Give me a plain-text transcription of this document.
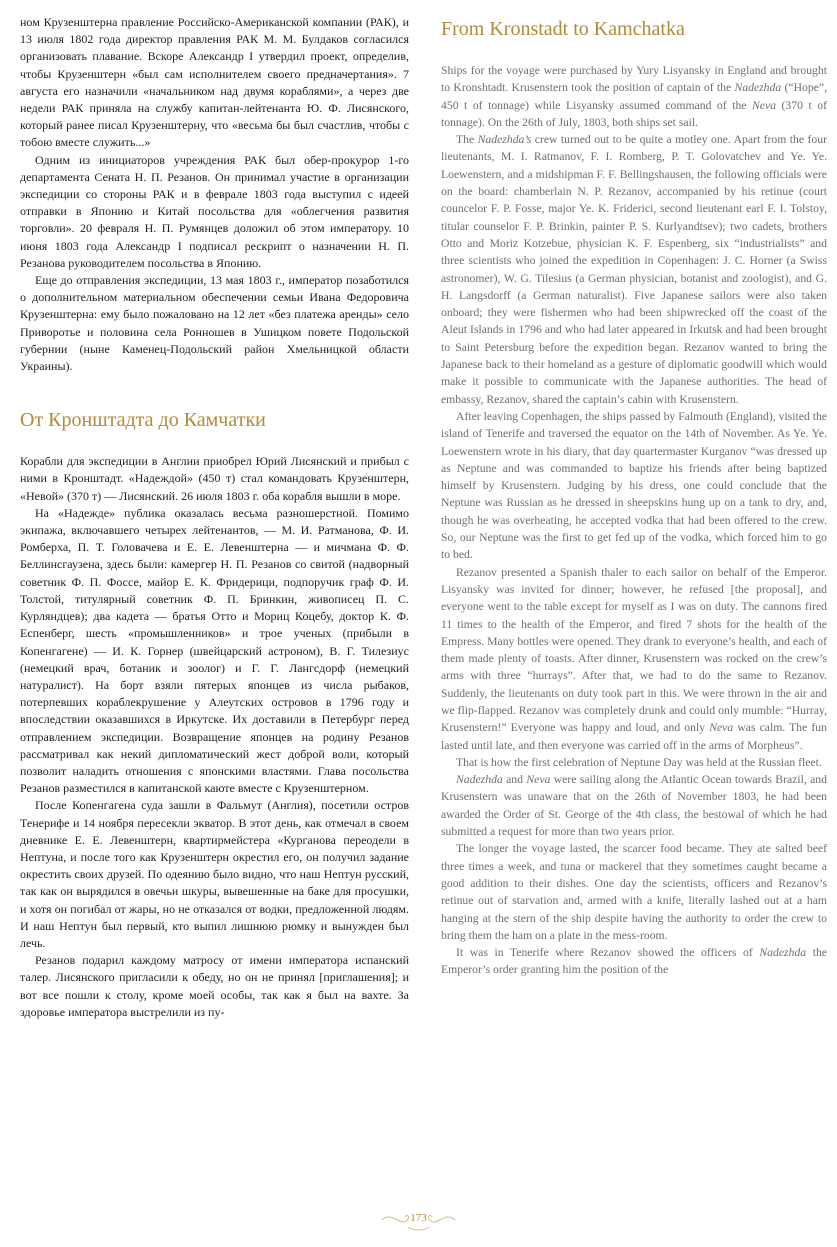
ном Крузенштерна правление Российско-Американской компании (РАК), и 13 июля 1802 года директор правления РАК М. М. Булдаков согласился организовать плавание. Вскоре Александр I утвердил проект, определив, чтобы Крузенштерн «был сам исполнителем своего предначертания». 7 августа его назначили «начальником над двумя кораблями», а через две недели РАК приняла на службу капитан-лейтенанта Ю. Ф. Лисянского, который ранее писал Крузенштерну, что «весьма бы был счастлив, чтобы с тобою вместе служить...»

Одним из инициаторов учреждения РАК был обер-прокурор 1-го департамента Сената Н. П. Резанов. Он принимал участие в организации экспедиции со стороны РАК и в феврале 1803 года выступил с идеей отправки в Японию и Китай посольства для «облегчения развития торговли». 20 февраля Н. П. Румянцев доложил об этом императору. 10 июня 1803 года Александр I подписал рескрипт о назначении Н. П. Резанова руководителем посольства в Японию.

Еще до отправления экспедиции, 13 мая 1803 г., император позаботился о дополнительном материальном обеспечении семьи Ивана Федоровича Крузенштерна: ему было пожаловано на 12 лет «без платежа аренды» село Приворотье и половина села Ронношев в Ушицком повете Подольской губернии (ныне Каменец-Подольский район Хмельницкой области Украины).

От Кронштадта до Камчатки

Корабли для экспедиции в Англии приобрел Юрий Лисянский и прибыл с ними в Кронштадт. «Надеждой» (450 т) стал командовать Крузенштерн, «Невой» (370 т) — Лисянский. 26 июля 1803 г. оба корабля вышли в море.

На «Надежде» публика оказалась весьма разношерстной. Помимо экипажа, включавшего четырех лейтенантов, — М. И. Ратманова, Ф. И. Ромберха, П. Т. Головачева и Е. Е. Левенштерна — и мичмана Ф. Ф. Беллинсгаузена, здесь были: камергер Н. П. Резанов со свитой (надворный советник Ф. П. Фоссе, майор Е. К. Фридерици, подпоручик граф Ф. И. Толстой, титулярный советник Ф. П. Бринкин, живописец П. С. Курляндцев); два кадета — братья Отто и Мориц Коцебу, доктор К. Ф. Еспенберг, шесть «промышленников» и трое ученых (прибыли в Копенгагене) — И. К. Горнер (швейцарский астроном), В. Г. Тилезиус (немецкий врач, ботаник и зоолог) и Г. Г. Лангсдорф (немецкий натуралист). На борт взяли пятерых японцев из числа рыбаков, потерпевших кораблекрушение у Алеутских островов в 1796 году и впоследствии оказавшихся в Иркутске. Их доставили в Петербург перед отправлением экспедиции. Возвращение японцев на родину Резанов рассматривал как некий дипломатический жест доброй воли, который позволит наладить отношения с японскими властями. Глава посольства Резанов разместился в капитанской каюте вместе с Крузенштерном.

После Копенгагена суда зашли в Фальмут (Англия), посетили остров Тенерифе и 14 ноября пересекли экватор. В этот день, как отмечал в своем дневнике Е. Е. Левенштерн, квартирмейстера «Курганова переодели в Нептуна, и после того как Крузенштерн окрестил его, он получил задание окрестить своих друзей. По одеянию было видно, что наш Нептун русский, так как он вырядился в овечьи шкуры, вывешенные на баке для просушки, и хотя он погибал от жары, но не отказался от водки, предложенной людям. И наш Нептун был первый, кто выпил лишнюю рюмку и вынужден был лечь.

Резанов подарил каждому матросу от имени императора испанский талер. Лисянского пригласили к обеду, но он не принял [приглашения]; и вот все пошли к столу, кроме моей особы, так как я был на вахте. За здоровье императора выстрелили из пу-

From Kronstadt to Kamchatka

Ships for the voyage were purchased by Yury Lisyansky in England and brought to Kronshtadt. Krusenstern took the position of captain of the Nadezhda (“Hope”, 450 t of tonnage) while Lisyansky assumed command of the Neva (370 t of tonnage). On the 26th of July, 1803, both ships set sail.

The Nadezhda’s crew turned out to be quite a motley one. Apart from the four lieutenants, M. I. Ratmanov, F. I. Romberg, P. T. Golovatchev and Ye. Ye. Loewenstern, and a midshipman F. F. Bellingshausen, the following officials were on the board: chamberlain N. P. Rezanov, accompanied by his retinue (court councelor F. P. Fosse, major Ye. K. Fridericі, second lieutenant earl F. I. Tolstoy, titular counselor F. P. Brinkin, painter P. S. Kurlyandtsev); two cadets, brothers Otto and Moriz Kotzebue, physician K. F. Espenberg, six “industrialists” and three scientists who joined the expedition in Copenhagen: J. C. Horner (a Swiss astronomer), W. G. Tilesius (a German physician, botanist and zoologist), and G. H. Langsdorff (a German naturalist). Five Japanese sailors were also taken onboard; they were fishermen who had been shipwrecked off the coast of the Aleut Islands in 1796 and who had later appeared in Irkutsk and had been brought to Saint Petersburg before the expedition began. Rezanov wanted to bring the Japanese back to their homeland as a gesture of diplomatic goodwill which would make it possible to communicate with the Japanese authorities. The head of embassy, Rezanov, shared the captain’s cabin with Krusenstern.

After leaving Copenhagen, the ships passed by Falmouth (England), visited the island of Tenerife and traversed the equator on the 14th of November. As Ye. Ye. Loewenstern wrote in his diary, that day quartermaster Kurganov “was dressed up as Neptune and was commanded to baptize his friends after being baptized himself by Krusenstern. Judging by his dress, one could conclude that the Neptune was Russian as he dressed in sheepskins hung up on a tank to dry, and, though he was overheating, he accepted vodka that had been offered to the crew. So, our Neptune was the first to get fed up of the vodka, which forced him to go to bed.

Rezanov presented a Spanish thaler to each sailor on behalf of the Emperor. Lisyansky was invited for dinner; however, he refused [the proposal], and everyone went to the table except for myself as I was on duty. The cannons fired 11 times to the health of the Emperor, and fired 7 shots for the health of the Empress. Many bottles were opened. They drank to everyone’s health, and each of them made plenty of toasts. After dinner, Krusenstern was rocked on the crew’s arms with three “hurrays”. After that, we had to do the same to Rezanov. Suddenly, the lieutenants on duty took part in this. We were thrown in the air and we flip-flapped. Rezanov was completely drunk and could only mumble: “Hurray, Krusenstern!” Everyone was happy and loud, and only Neva was calm. The fun lasted until late, and then everyone was carried off in the arms of Morpheus”.

That is how the first celebration of Neptune Day was held at the Russian fleet.

Nadezhda and Neva were sailing along the Atlantic Ocean towards Brazil, and Krusenstern was unaware that on the 26th of November 1803, he had been awarded the Order of St. George of the 4th class, the bestowal of which he had submitted a request for more than two years prior.

The longer the voyage lasted, the scarcer food became. They ate salted beef three times a week, and tuna or mackerel that they sometimes caught became a good addition to their dishes. One day the scientists, officers and Rezanov’s retinue out of starvation and, armed with a knife, literally lashed out at a ham hanging at the stern of the ship despite having the authority to order the crew to bring them the ham on a plate in the mess-room.

It was in Tenerife where Rezanov showed the officers of Nadezhda the Emperor’s order granting him the position of the

173
